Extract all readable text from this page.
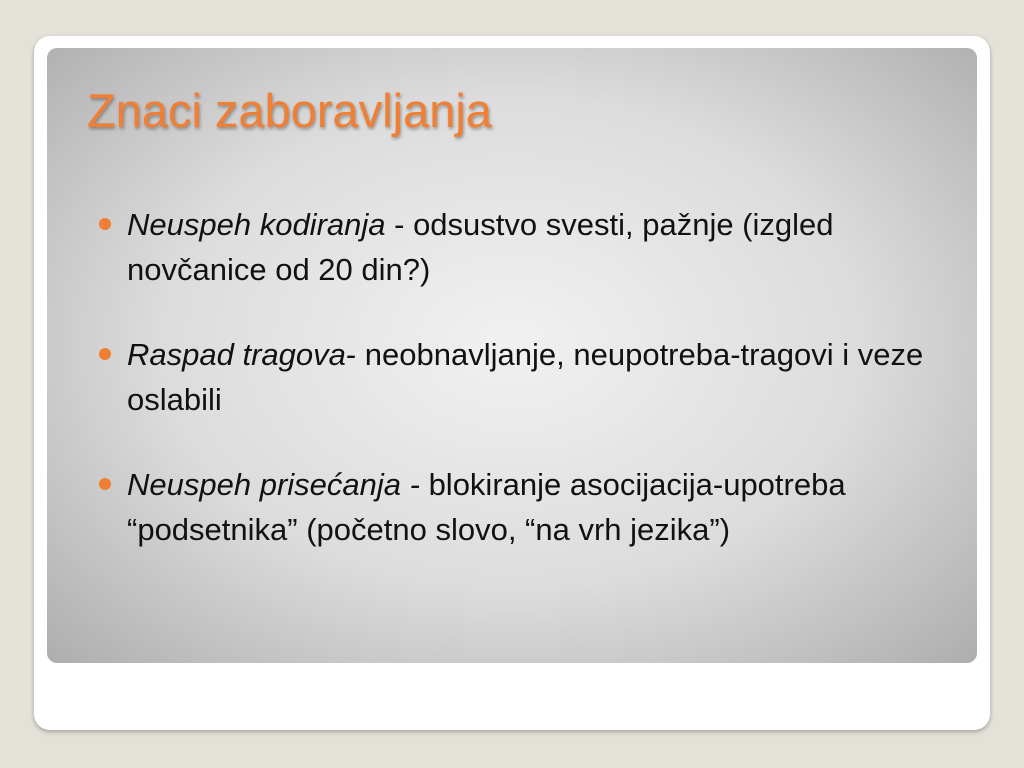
Znaci zaboravljanja
Neuspeh kodiranja - odsustvo svesti, pažnje (izgled novčanice od 20 din?)
Raspad tragova- neobnavljanje, neupotreba-tragovi i veze oslabili
Neuspeh prisećanja - blokiranje asocijacija-upotreba “podsetnika” (početno slovo, “na vrh jezika”)
